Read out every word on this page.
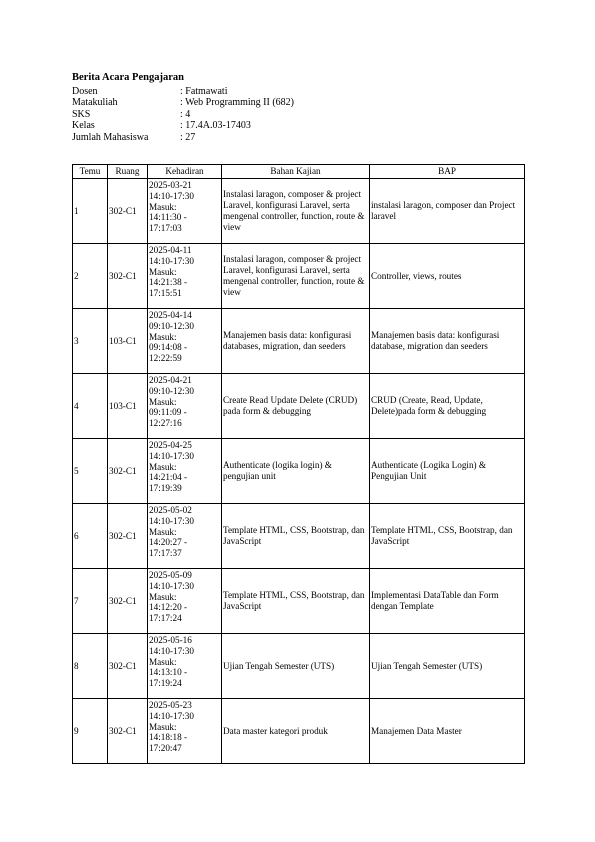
Berita Acara Pengajaran
Dosen	: Fatmawati
Matakuliah	: Web Programming II (682)
SKS	: 4
Kelas	: 17.4A.03-17403
Jumlah Mahasiswa	: 27
Temu	Ruang	Kehadiran	Bahan Kajian	BAP
1	302-C1	2025-03-21
14:10-17:30
Masuk:
14:11:30 -
17:17:03	Instalasi laragon, composer & project Laravel, konfigurasi Laravel, serta mengenal controller, function, route & view	instalasi laragon, composer dan Project laravel
2	302-C1	2025-04-11
14:10-17:30
Masuk:
14:21:38 -
17:15:51	Instalasi laragon, composer & project Laravel, konfigurasi Laravel, serta mengenal controller, function, route & view	Controller, views, routes
3	103-C1	2025-04-14
09:10-12:30
Masuk:
09:14:08 -
12:22:59	Manajemen basis data: konfigurasi databases, migration, dan seeders	Manajemen basis data: konfigurasi database, migration dan seeders
4	103-C1	2025-04-21
09:10-12:30
Masuk:
09:11:09 -
12:27:16	Create Read Update Delete (CRUD) pada form & debugging	CRUD (Create, Read, Update, Delete)pada form & debugging
5	302-C1	2025-04-25
14:10-17:30
Masuk:
14:21:04 -
17:19:39	Authenticate (logika login) & pengujian unit	Authenticate (Logika Login) & Pengujian Unit
6	302-C1	2025-05-02
14:10-17:30
Masuk:
14:20:27 -
17:17:37	Template HTML, CSS, Bootstrap, dan JavaScript	Template HTML, CSS, Bootstrap, dan JavaScript
7	302-C1	2025-05-09
14:10-17:30
Masuk:
14:12:20 -
17:17:24	Template HTML, CSS, Bootstrap, dan JavaScript	Implementasi DataTable dan Form dengan Template
8	302-C1	2025-05-16
14:10-17:30
Masuk:
14:13:10 -
17:19:24	Ujian Tengah Semester (UTS)	Ujian Tengah Semester (UTS)
9	302-C1	2025-05-23
14:10-17:30
Masuk:
14:18:18 -
17:20:47	Data master kategori produk	Manajemen Data Master
